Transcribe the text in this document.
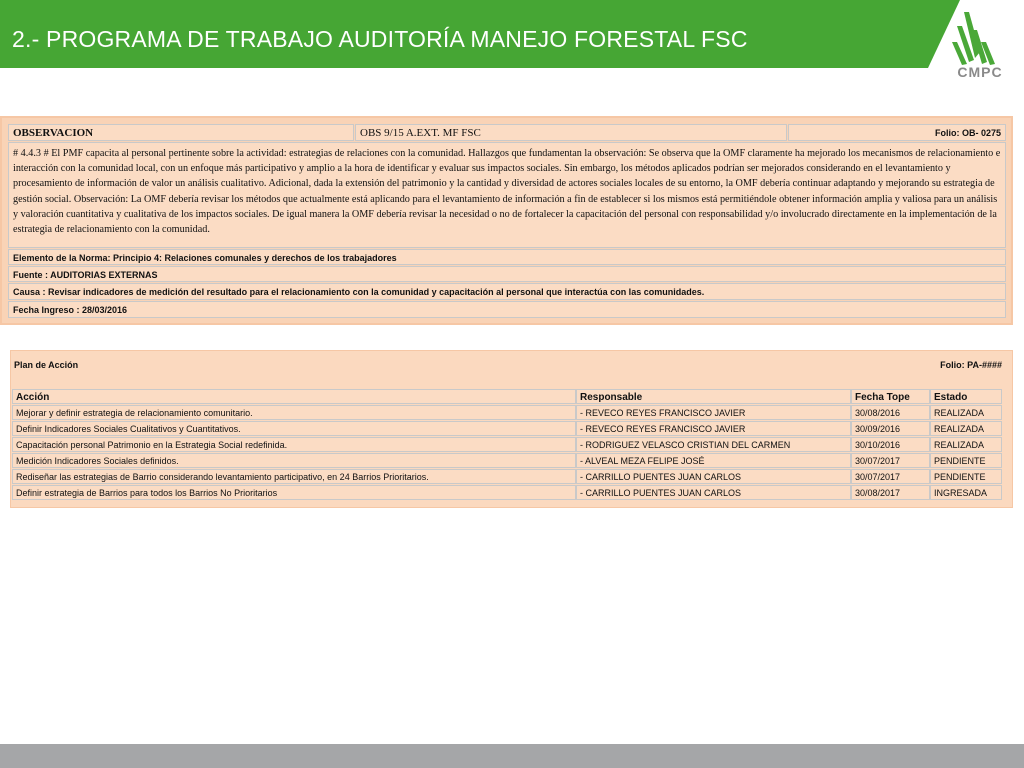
2.- PROGRAMA DE TRABAJO AUDITORÍA MANEJO FORESTAL FSC
CMPC
OBSERVACION	OBS 9/15 A.EXT. MF FSC	Folio: OB- 0275
# 4.4.3 # El PMF capacita al personal pertinente sobre la actividad: estrategias de relaciones con la comunidad. Hallazgos que fundamentan la observación: Se observa que la OMF claramente ha mejorado los mecanismos de relacionamiento e interacción con la comunidad local, con un enfoque más participativo y amplio a la hora de identificar y evaluar sus impactos sociales. Sin embargo, los métodos aplicados podrían ser mejorados considerando en el levantamiento y procesamiento de información de valor un análisis cualitativo. Adicional, dada la extensión del patrimonio y la cantidad y diversidad de actores sociales locales de su entorno, la OMF debería continuar adaptando y mejorando su estrategia de gestión social. Observación: La OMF debería revisar los métodos que actualmente está aplicando para el levantamiento de información a fin de establecer si los mismos está permitiéndole obtener información amplia y valiosa para un análisis y valoración cuantitativa y cualitativa de los impactos sociales. De igual manera la OMF debería revisar la necesidad o no de fortalecer la capacitación del personal con responsabilidad y/o involucrado directamente en la implementación de la estrategia de relacionamiento con la comunidad.
Elemento de la Norma: Principio 4: Relaciones comunales y derechos de los trabajadores
Fuente : AUDITORIAS EXTERNAS
Causa : Revisar indicadores de medición del resultado para el relacionamiento con la comunidad y capacitación al personal que interactúa con las comunidades.
Fecha Ingreso : 28/03/2016
Plan de Acción	Folio: PA-####
Acción	Responsable	Fecha Tope	Estado
Mejorar y definir estrategia de relacionamiento comunitario.	- REVECO REYES FRANCISCO JAVIER	30/08/2016	REALIZADA
Definir Indicadores Sociales Cualitativos y Cuantitativos.	- REVECO REYES FRANCISCO JAVIER	30/09/2016	REALIZADA
Capacitación personal Patrimonio en la Estrategia Social redefinida.	- RODRIGUEZ VELASCO CRISTIAN DEL CARMEN	30/10/2016	REALIZADA
Medición Indicadores Sociales definidos.	- ALVEAL MEZA FELIPE JOSÉ	30/07/2017	PENDIENTE
Rediseñar las estrategias de Barrio considerando levantamiento participativo, en 24 Barrios Prioritarios.	- CARRILLO PUENTES JUAN CARLOS	30/07/2017	PENDIENTE
Definir estrategia de Barrios para todos los Barrios No Prioritarios	- CARRILLO PUENTES JUAN CARLOS	30/08/2017	INGRESADA
